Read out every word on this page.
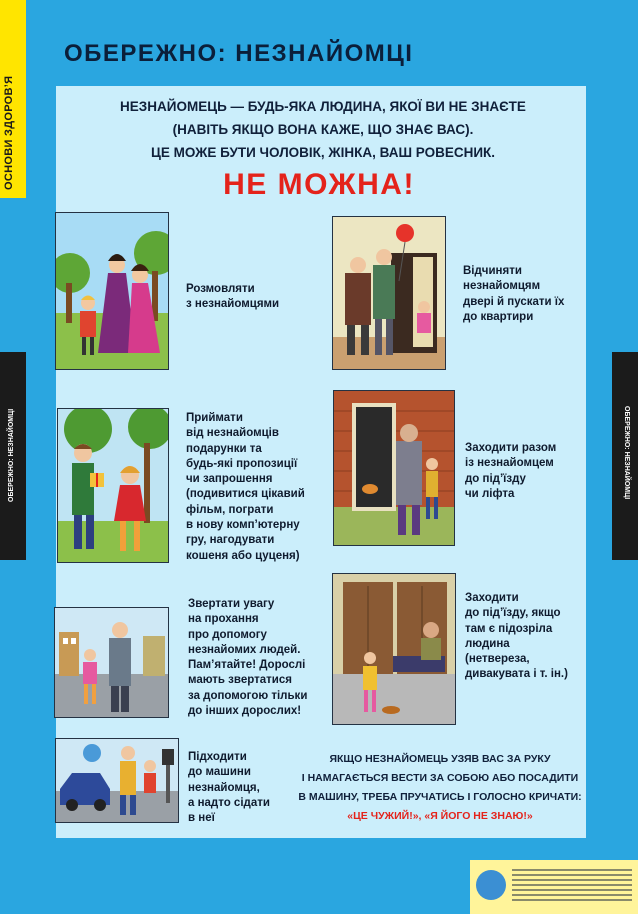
ОСНОВИ ЗДОРОВ’Я
ОБЕРЕЖНО: НЕЗНАЙОМЦІ	ОБЕРЕЖНО: НЕЗНАЙОМЦІ
ОБЕРЕЖНО: НЕЗНАЙОМЦІ
НЕЗНАЙОМЕЦЬ — БУДЬ-ЯКА ЛЮДИНА, ЯКОЇ ВИ НЕ ЗНАЄТЕ
(НАВІТЬ ЯКЩО ВОНА КАЖЕ, ЩО ЗНАЄ ВАС).
ЦЕ МОЖЕ БУТИ ЧОЛОВІК, ЖІНКА, ВАШ РОВЕСНИК.
НЕ МОЖНА!
Розмовляти
з незнайомцями
Відчиняти
незнайомцям
двері й пускати їх
до квартири
Приймати
від незнайомців
подарунки та
будь-які пропозиції
чи запрошення
(подивитися цікавий
фільм, пограти
в нову комп’ютерну
гру, нагодувати
кошеня або цуценя)
Заходити разом
із незнайомцем
до під’їзду
чи ліфта
Звертати увагу
на прохання
про допомогу
незнайомих людей.
Пам’ятайте! Дорослі
мають звертатися
за допомогою тільки
до інших дорослих!
Заходити
до під’їзду, якщо
там є підозріла
людина
(нетвереза,
дивакувата і т. ін.)
Підходити
до машини
незнайомця,
а надто сідати
в неї
ЯКЩО НЕЗНАЙОМЕЦЬ УЗЯВ ВАС ЗА РУКУ
І НАМАГАЄТЬСЯ ВЕСТИ ЗА СОБОЮ АБО ПОСАДИТИ
В МАШИНУ, ТРЕБА ПРУЧАТИСЬ І ГОЛОСНО КРИЧАТИ:
«ЦЕ ЧУЖИЙ!», «Я ЙОГО НЕ ЗНАЮ!»
